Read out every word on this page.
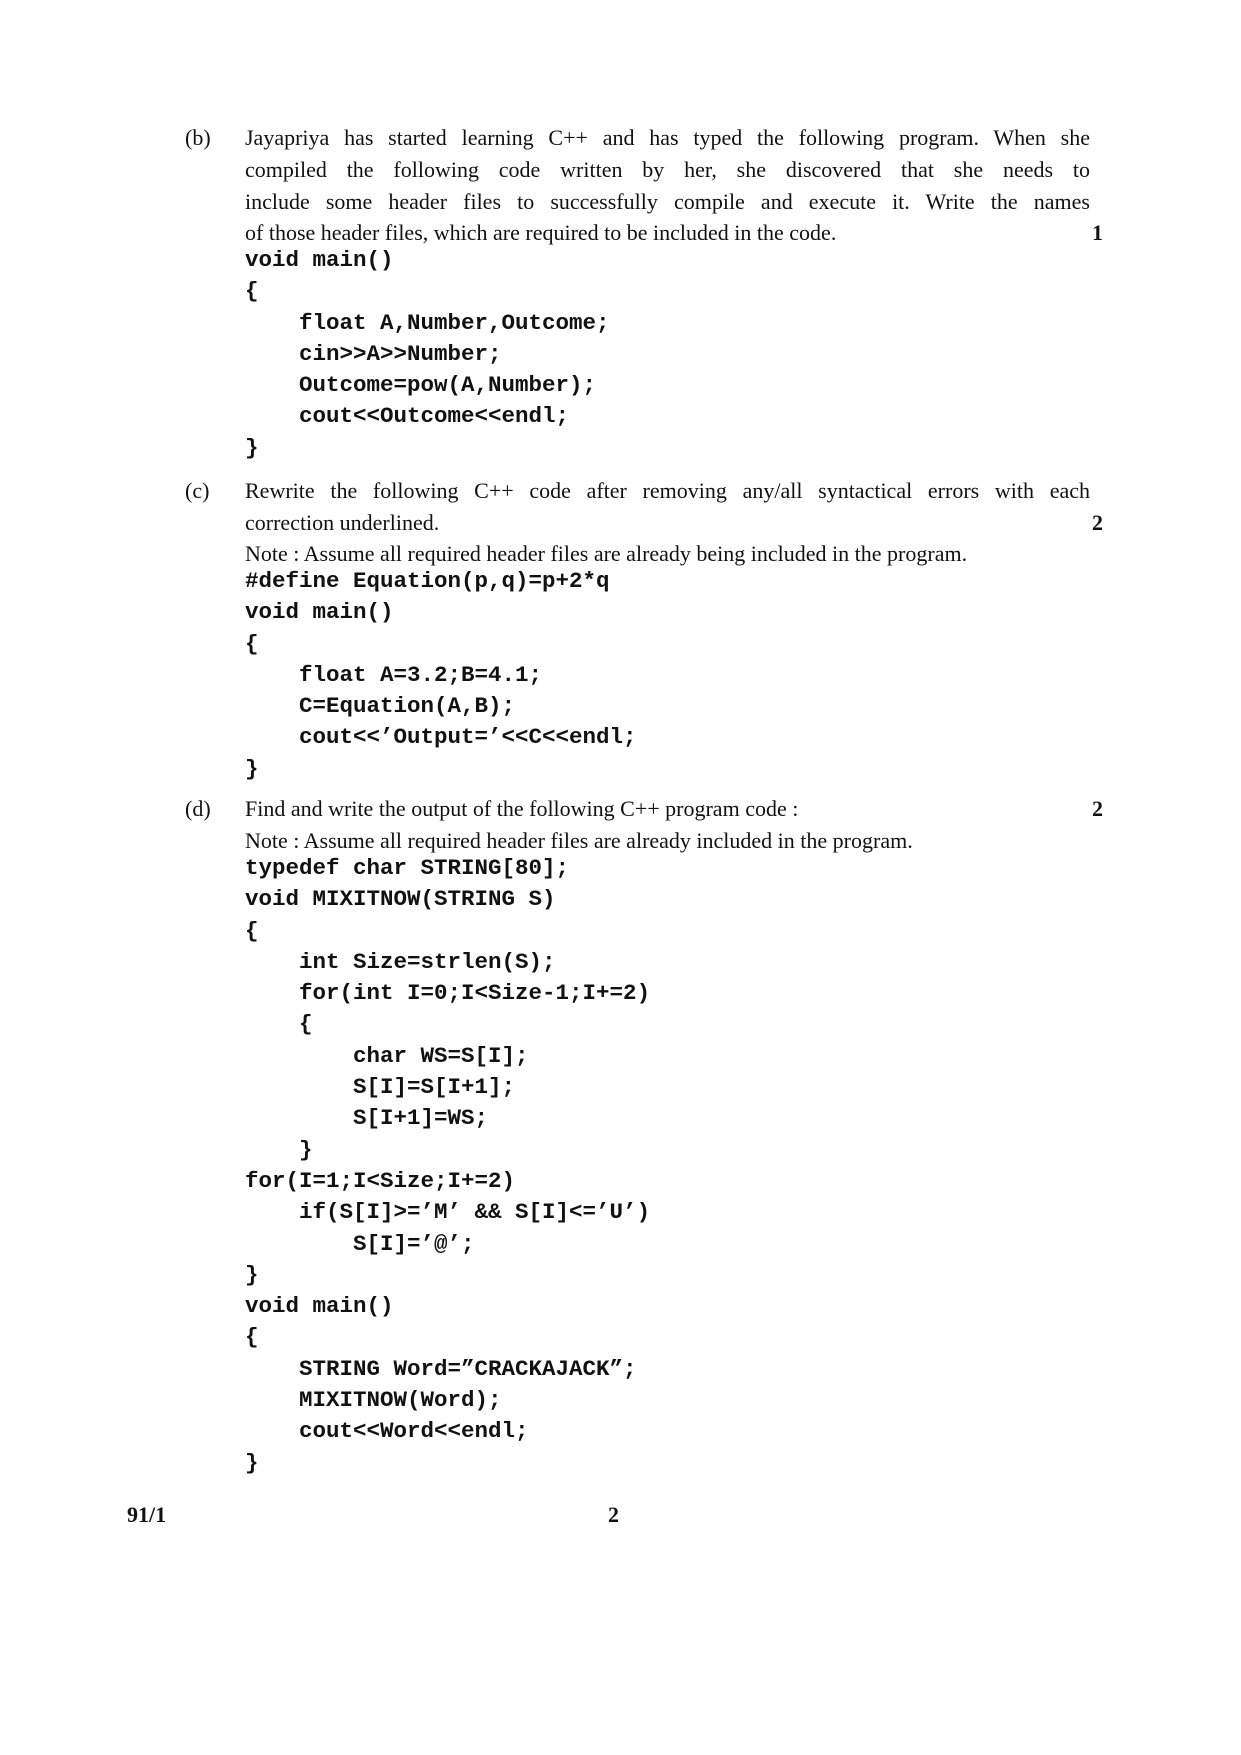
(b) Jayapriya has started learning C++ and has typed the following program. When she
compiled the following code written by her, she discovered that she needs to
include some header files to successfully compile and execute it. Write the names
of those header files, which are required to be included in the code.	1
void main()
{
float A,Number,Outcome;
cin>>A>>Number;
Outcome=pow(A,Number);
cout<<Outcome<<endl;
}
(c) Rewrite the following C++ code after removing any/all syntactical errors with each
correction underlined.	2
Note : Assume all required header files are already being included in the program.
#define Equation(p,q)=p+2*q
void main()
{
float A=3.2;B=4.1;
C=Equation(A,B);
cout<<’Output=’<<C<<endl;
}
(d) Find and write the output of the following C++ program code :	2
Note : Assume all required header files are already included in the program.
typedef char STRING[80];
void MIXITNOW(STRING S)
{
int Size=strlen(S);
for(int I=0;I<Size-1;I+=2)
{
char WS=S[I];
S[I]=S[I+1];
S[I+1]=WS;
}
for(I=1;I<Size;I+=2)
if(S[I]>=’M’ && S[I]<=’U’)
S[I]=’@’;
}
void main()
{
STRING Word=”CRACKAJACK”;
MIXITNOW(Word);
cout<<Word<<endl;
}
91/1	2
